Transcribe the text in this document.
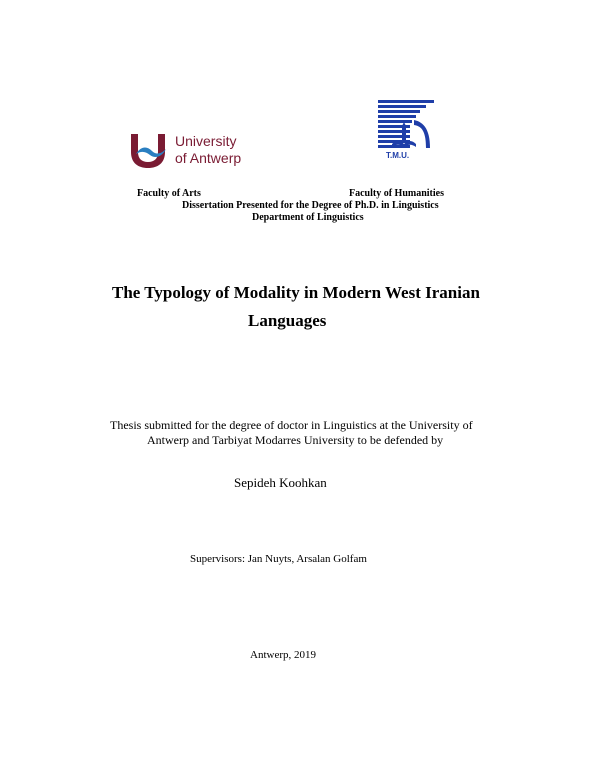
University
of Antwerp	T.M.U.
Faculty of Arts	Faculty of Humanities
Dissertation Presented for the Degree of Ph.D. in Linguistics
Department of Linguistics
The Typology of Modality in Modern West Iranian
Languages
Thesis submitted for the degree of doctor in Linguistics at the University of
Antwerp and Tarbiyat Modarres University to be defended by
Sepideh Koohkan
Supervisors: Jan Nuyts, Arsalan Golfam
Antwerp, 2019
